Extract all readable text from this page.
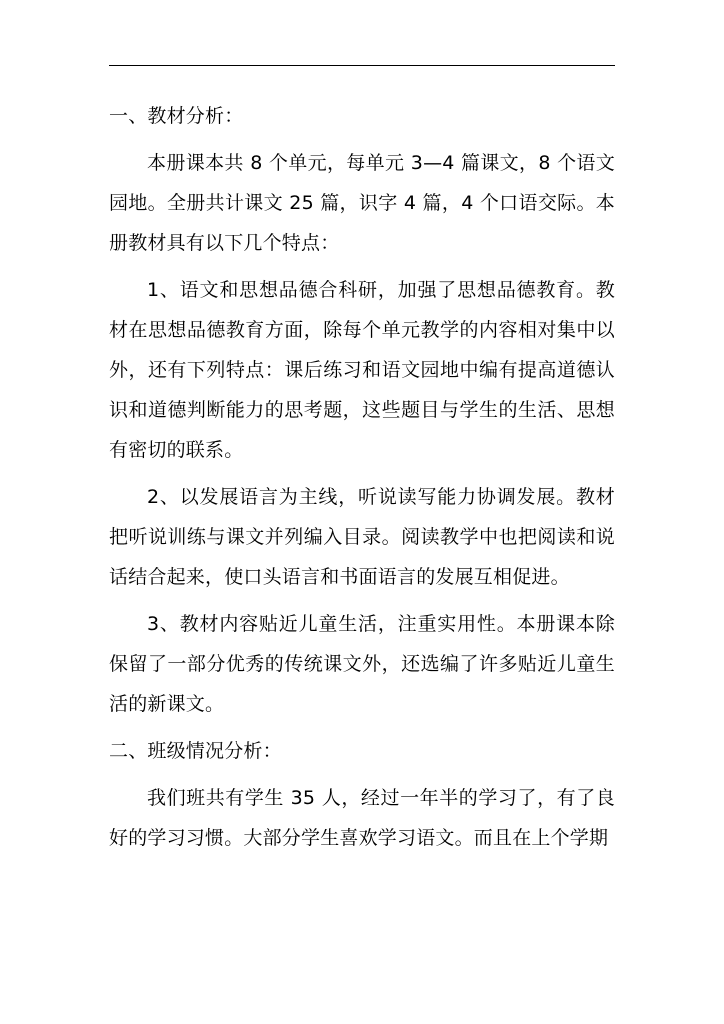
一、教材分析：

本册课本共 8 个单元，每单元 3—4 篇课文，8 个语文园地。全册共计课文 25 篇，识字 4 篇，4 个口语交际。本册教材具有以下几个特点：

1、语文和思想品德合科研，加强了思想品德教育。教材在思想品德教育方面，除每个单元教学的内容相对集中以外，还有下列特点：课后练习和语文园地中编有提高道德认识和道德判断能力的思考题，这些题目与学生的生活、思想有密切的联系。

2、以发展语言为主线，听说读写能力协调发展。教材把听说训练与课文并列编入目录。阅读教学中也把阅读和说话结合起来，使口头语言和书面语言的发展互相促进。

3、教材内容贴近儿童生活，注重实用性。本册课本除保留了一部分优秀的传统课文外，还选编了许多贴近儿童生活的新课文。

二、班级情况分析：

我们班共有学生 35 人，经过一年半的学习了，有了良好的学习习惯。大部分学生喜欢学习语文。而且在上个学期
